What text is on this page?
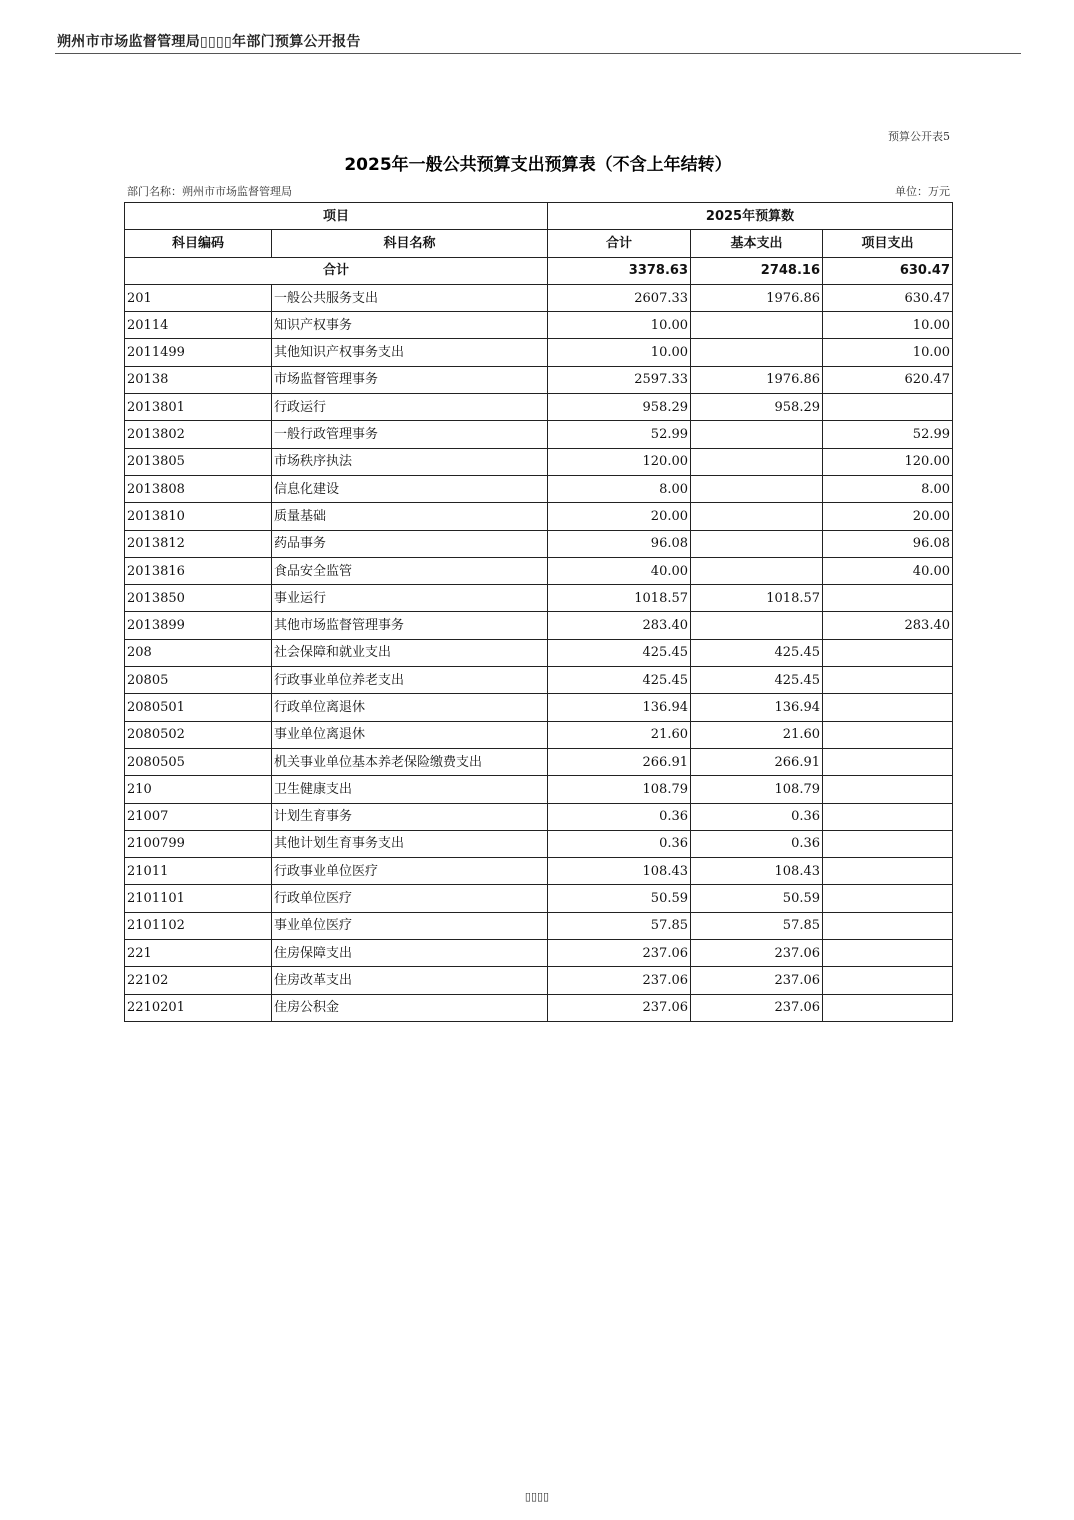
朔州市市场监督管理局▯▯▯▯年部门预算公开报告
预算公开表5
2025年一般公共预算支出预算表（不含上年结转）
部门名称：朔州市市场监督管理局	单位：万元
项目		2025年预算数		
科目编码	科目名称	合计	基本支出	项目支出
合计		3378.63	2748.16	630.47
201	一般公共服务支出	2607.33	1976.86	630.47
20114	知识产权事务	10.00		10.00
2011499	其他知识产权事务支出	10.00		10.00
20138	市场监督管理事务	2597.33	1976.86	620.47
2013801	行政运行	958.29	958.29	
2013802	一般行政管理事务	52.99		52.99
2013805	市场秩序执法	120.00		120.00
2013808	信息化建设	8.00		8.00
2013810	质量基础	20.00		20.00
2013812	药品事务	96.08		96.08
2013816	食品安全监管	40.00		40.00
2013850	事业运行	1018.57	1018.57	
2013899	其他市场监督管理事务	283.40		283.40
208	社会保障和就业支出	425.45	425.45	
20805	行政事业单位养老支出	425.45	425.45	
2080501	行政单位离退休	136.94	136.94	
2080502	事业单位离退休	21.60	21.60	
2080505	机关事业单位基本养老保险缴费支出	266.91	266.91	
210	卫生健康支出	108.79	108.79	
21007	计划生育事务	0.36	0.36	
2100799	其他计划生育事务支出	0.36	0.36	
21011	行政事业单位医疗	108.43	108.43	
2101101	行政单位医疗	50.59	50.59	
2101102	事业单位医疗	57.85	57.85	
221	住房保障支出	237.06	237.06	
22102	住房改革支出	237.06	237.06	
2210201	住房公积金	237.06	237.06	
▯▯▯▯
